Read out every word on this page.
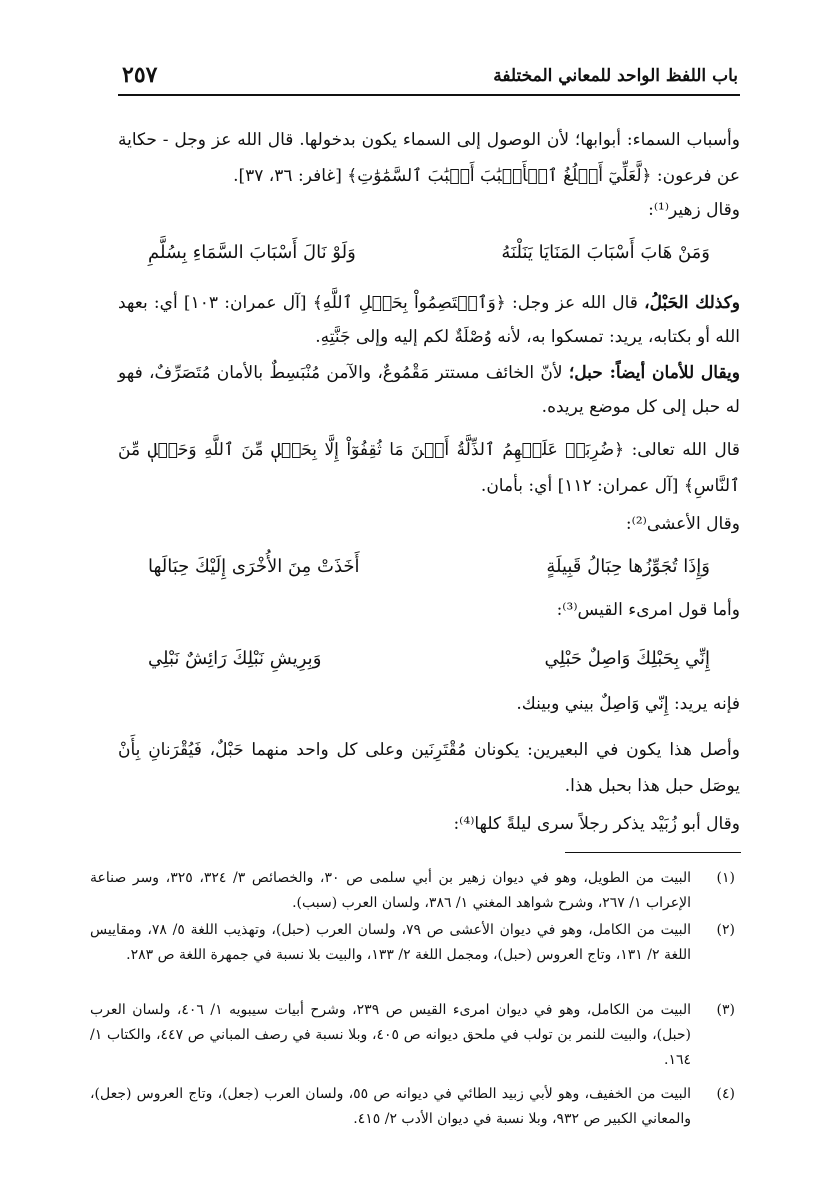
باب اللفظ الواحد للمعاني المختلفة
٢٥٧
وأسباب السماء: أبوابها؛ لأن الوصول إلى السماء يكون بدخولها. قال الله عز وجل - حكاية عن فرعون: ﴿لَّعَلِّيٓ أَبۡلُغُ ٱلۡأَسۡبَٰبَ أَسۡبَٰبَ ٱلسَّمَٰوَٰتِ﴾ [غافر: ٣٦، ٣٧].
وقال زهير⁽¹⁾:
وَمَنْ هَابَ أَسْبَابَ المَنَايَا يَنَلْنَهُ
وَلَوْ نَالَ أَسْبَابَ السَّمَاءِ بِسُلَّمِ
وكذلك الحَبْلُ، قال الله عز وجل: ﴿وَٱعۡتَصِمُواْ بِحَبۡلِ ٱللَّهِ﴾ [آل عمران: ١٠٣] أي: بعهد الله أو بكتابه، يريد: تمسكوا به، لأنه وُصْلَةٌ لكم إليه وإلى جَنَّتِهِ.
ويقال للأمان أيضاً: حبل؛ لأنّ الخائف مستتر مَقْمُوعٌ، والآمن مُنْبَسِطٌ بالأمان مُتَصَرِّفٌ، فهو له حبل إلى كل موضع يريده.
قال الله تعالى: ﴿ضُرِبَتۡ عَلَيۡهِمُ ٱلذِّلَّةُ أَيۡنَ مَا ثُقِفُوٓاْ إِلَّا بِحَبۡلٖ مِّنَ ٱللَّهِ وَحَبۡلٖ مِّنَ ٱلنَّاسِ﴾ [آل عمران: ١١٢] أي: بأمان.
وقال الأعشى⁽²⁾:
وَإِذَا تُجَوِّزُها حِبَالُ قَبِيلَةٍ
أَخَذَتْ مِنَ الأُخْرَى إِلَيْكَ حِبَالَها
وأما قول امرىء القيس⁽³⁾:
إِنِّي بِحَبْلِكَ وَاصِلٌ حَبْلِي
وَبِرِيشِ نَبْلِكَ رَائِشٌ نَبْلِي
فإنه يريد: إِنّي وَاصِلٌ بيني وبينك.
وأصل هذا يكون في البعيرين: يكونان مُقْتَرِنَين وعلى كل واحد منهما حَبْلٌ، فَيُقْرَنانِ بِأَنْ يوصَل حبل هذا بحبل هذا.
وقال أبو زُبَيْد يذكر رجلاً سرى ليلةً كلها⁽⁴⁾:
(١)
البيت من الطويل، وهو في ديوان زهير بن أبي سلمى ص ٣٠، والخصائص ٣/ ٣٢٤، ٣٢٥، وسر صناعة الإعراب ١/ ٢٦٧، وشرح شواهد المغني ١/ ٣٨٦، ولسان العرب (سبب).
(٢)
البيت من الكامل، وهو في ديوان الأعشى ص ٧٩، ولسان العرب (حبل)، وتهذيب اللغة ٥/ ٧٨، ومقاييس اللغة ٢/ ١٣١، وتاج العروس (حبل)، ومجمل اللغة ٢/ ١٣٣، والبيت بلا نسبة في جمهرة اللغة ص ٢٨٣.
(٣)
البيت من الكامل، وهو في ديوان امرىء القيس ص ٢٣٩، وشرح أبيات سيبويه ١/ ٤٠٦، ولسان العرب (حبل)، والبيت للنمر بن تولب في ملحق ديوانه ص ٤٠٥، وبلا نسبة في رصف المباني ص ٤٤٧، والكتاب ١/ ١٦٤.
(٤)
البيت من الخفيف، وهو لأبي زبيد الطائي في ديوانه ص ٥٥، ولسان العرب (جعل)، وتاج العروس (جعل)، والمعاني الكبير ص ٩٣٢، وبلا نسبة في ديوان الأدب ٢/ ٤١٥.
